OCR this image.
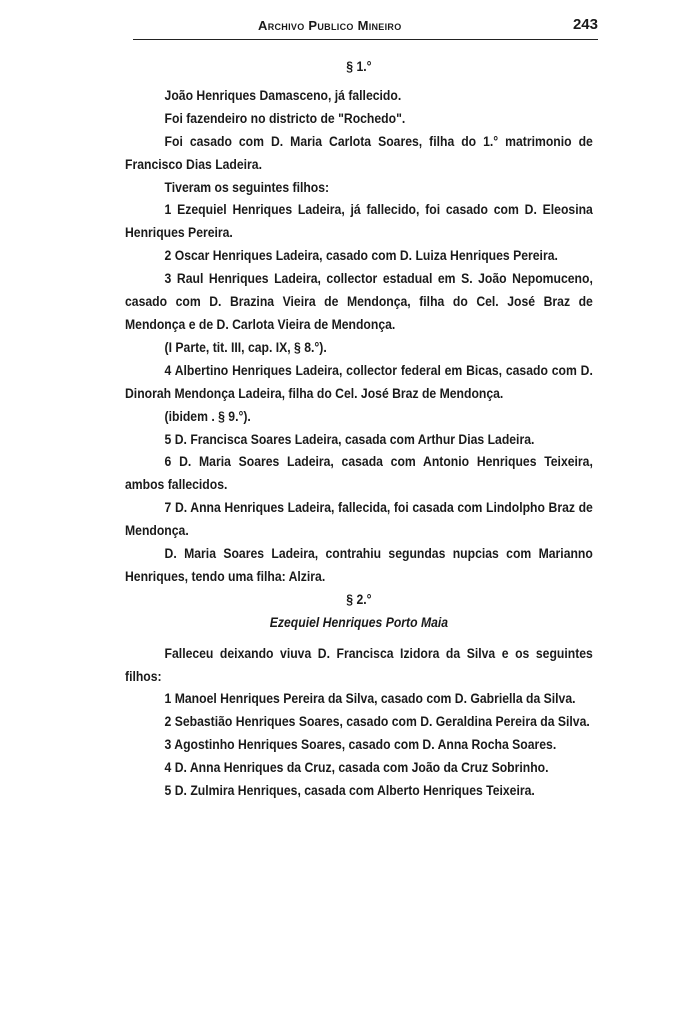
Archivo Publico Mineiro	243

§ 1.°

João Henriques Damasceno, já fallecido.

Foi fazendeiro no districto de "Rochedo".

Foi casado com D. Maria Carlota Soares, filha do 1.° matrimonio de Francisco Dias Ladeira.

Tiveram os seguintes filhos:

1 Ezequiel Henriques Ladeira, já fallecido, foi casado com D. Eleosina Henriques Pereira.

2 Oscar Henriques Ladeira, casado com D. Luiza Henriques Pereira.

3 Raul Henriques Ladeira, collector estadual em S. João Nepomuceno, casado com D. Brazina Vieira de Mendonça, filha do Cel. José Braz de Mendonça e de D. Carlota Vieira de Mendonça.

(I Parte, tit. III, cap. IX, § 8.°).

4 Albertino Henriques Ladeira, collector federal em Bicas, casado com D. Dinorah Mendonça Ladeira, filha do Cel. José Braz de Mendonça.

(ibidem . § 9.°).

5 D. Francisca Soares Ladeira, casada com Arthur Dias Ladeira.

6 D. Maria Soares Ladeira, casada com Antonio Henriques Teixeira, ambos fallecidos.

7 D. Anna Henriques Ladeira, fallecida, foi casada com Lindolpho Braz de Mendonça.

D. Maria Soares Ladeira, contrahiu segundas nupcias com Marianno Henriques, tendo uma filha: Alzira.

§ 2.°

Ezequiel Henriques Porto Maia

Falleceu deixando viuva D. Francisca Izidora da Silva e os seguintes filhos:

1 Manoel Henriques Pereira da Silva, casado com D. Gabriella da Silva.

2 Sebastião Henriques Soares, casado com D. Geraldina Pereira da Silva.

3 Agostinho Henriques Soares, casado com D. Anna Rocha Soares.

4 D. Anna Henriques da Cruz, casada com João da Cruz Sobrinho.

5 D. Zulmira Henriques, casada com Alberto Henriques Teixeira.
